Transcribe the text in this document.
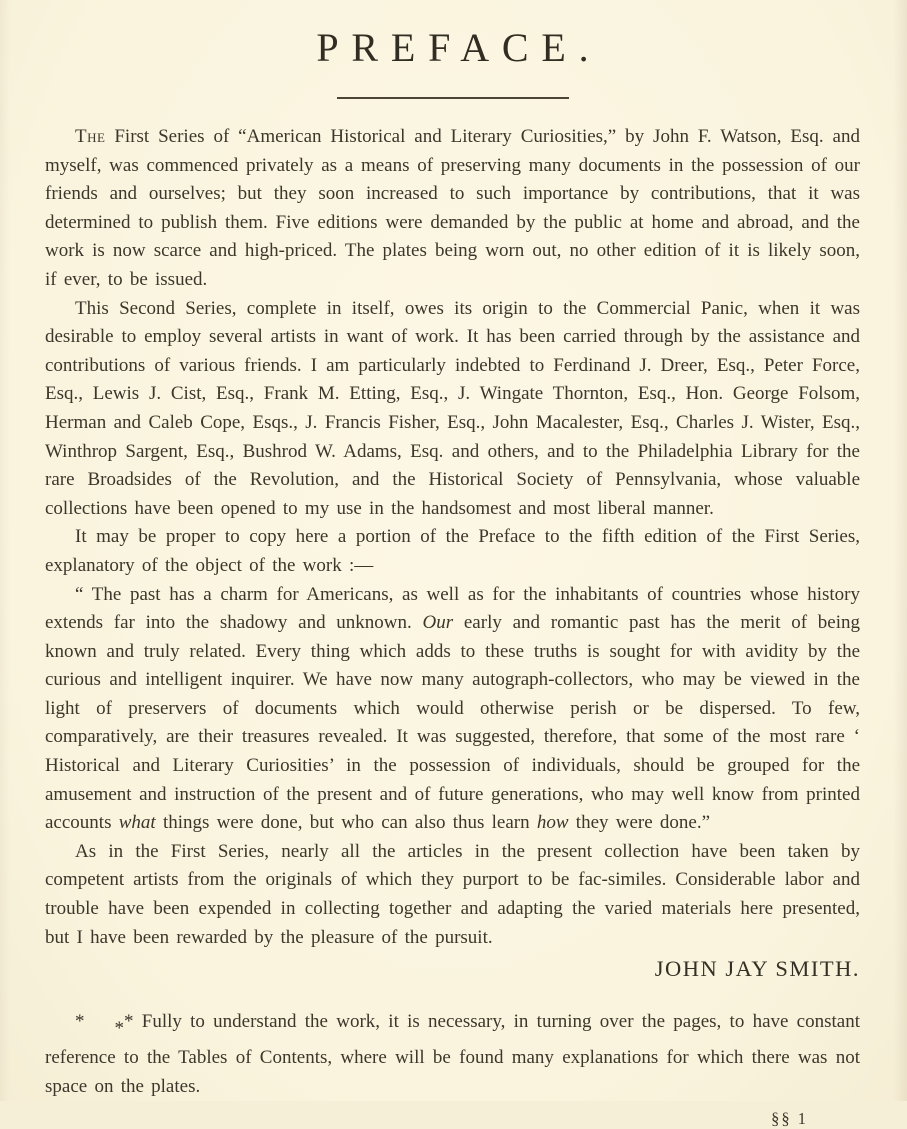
PREFACE.

The First Series of “American Historical and Literary Curiosities,” by John F. Watson, Esq. and myself, was commenced privately as a means of preserving many documents in the possession of our friends and ourselves; but they soon increased to such importance by contributions, that it was determined to publish them. Five editions were demanded by the public at home and abroad, and the work is now scarce and high-priced. The plates being worn out, no other edition of it is likely soon, if ever, to be issued.

This Second Series, complete in itself, owes its origin to the Commercial Panic, when it was desirable to employ several artists in want of work. It has been carried through by the assistance and contributions of various friends. I am particularly indebted to Ferdinand J. Dreer, Esq., Peter Force, Esq., Lewis J. Cist, Esq., Frank M. Etting, Esq., J. Wingate Thornton, Esq., Hon. George Folsom, Herman and Caleb Cope, Esqs., J. Francis Fisher, Esq., John Macalester, Esq., Charles J. Wister, Esq., Winthrop Sargent, Esq., Bushrod W. Adams, Esq. and others, and to the Philadelphia Library for the rare Broadsides of the Revolution, and the Historical Society of Pennsylvania, whose valuable collections have been opened to my use in the handsomest and most liberal manner.

It may be proper to copy here a portion of the Preface to the fifth edition of the First Series, explanatory of the object of the work :—

“ The past has a charm for Americans, as well as for the inhabitants of countries whose history extends far into the shadowy and unknown. Our early and romantic past has the merit of being known and truly related. Every thing which adds to these truths is sought for with avidity by the curious and intelligent inquirer. We have now many autograph-collectors, who may be viewed in the light of preservers of documents which would otherwise perish or be dispersed. To few, comparatively, are their treasures revealed. It was suggested, therefore, that some of the most rare ‘ Historical and Literary Curiosities’ in the possession of individuals, should be grouped for the amusement and instruction of the present and of future generations, who may well know from printed accounts what things were done, but who can also thus learn how they were done.”

As in the First Series, nearly all the articles in the present collection have been taken by competent artists from the originals of which they purport to be fac-similes. Considerable labor and trouble have been expended in collecting together and adapting the varied materials here presented, but I have been rewarded by the pleasure of the pursuit.

JOHN JAY SMITH.

* ** Fully to understand the work, it is necessary, in turning over the pages, to have constant reference to the Tables of Contents, where will be found many explanations for which there was not space on the plates.

§§ 1
